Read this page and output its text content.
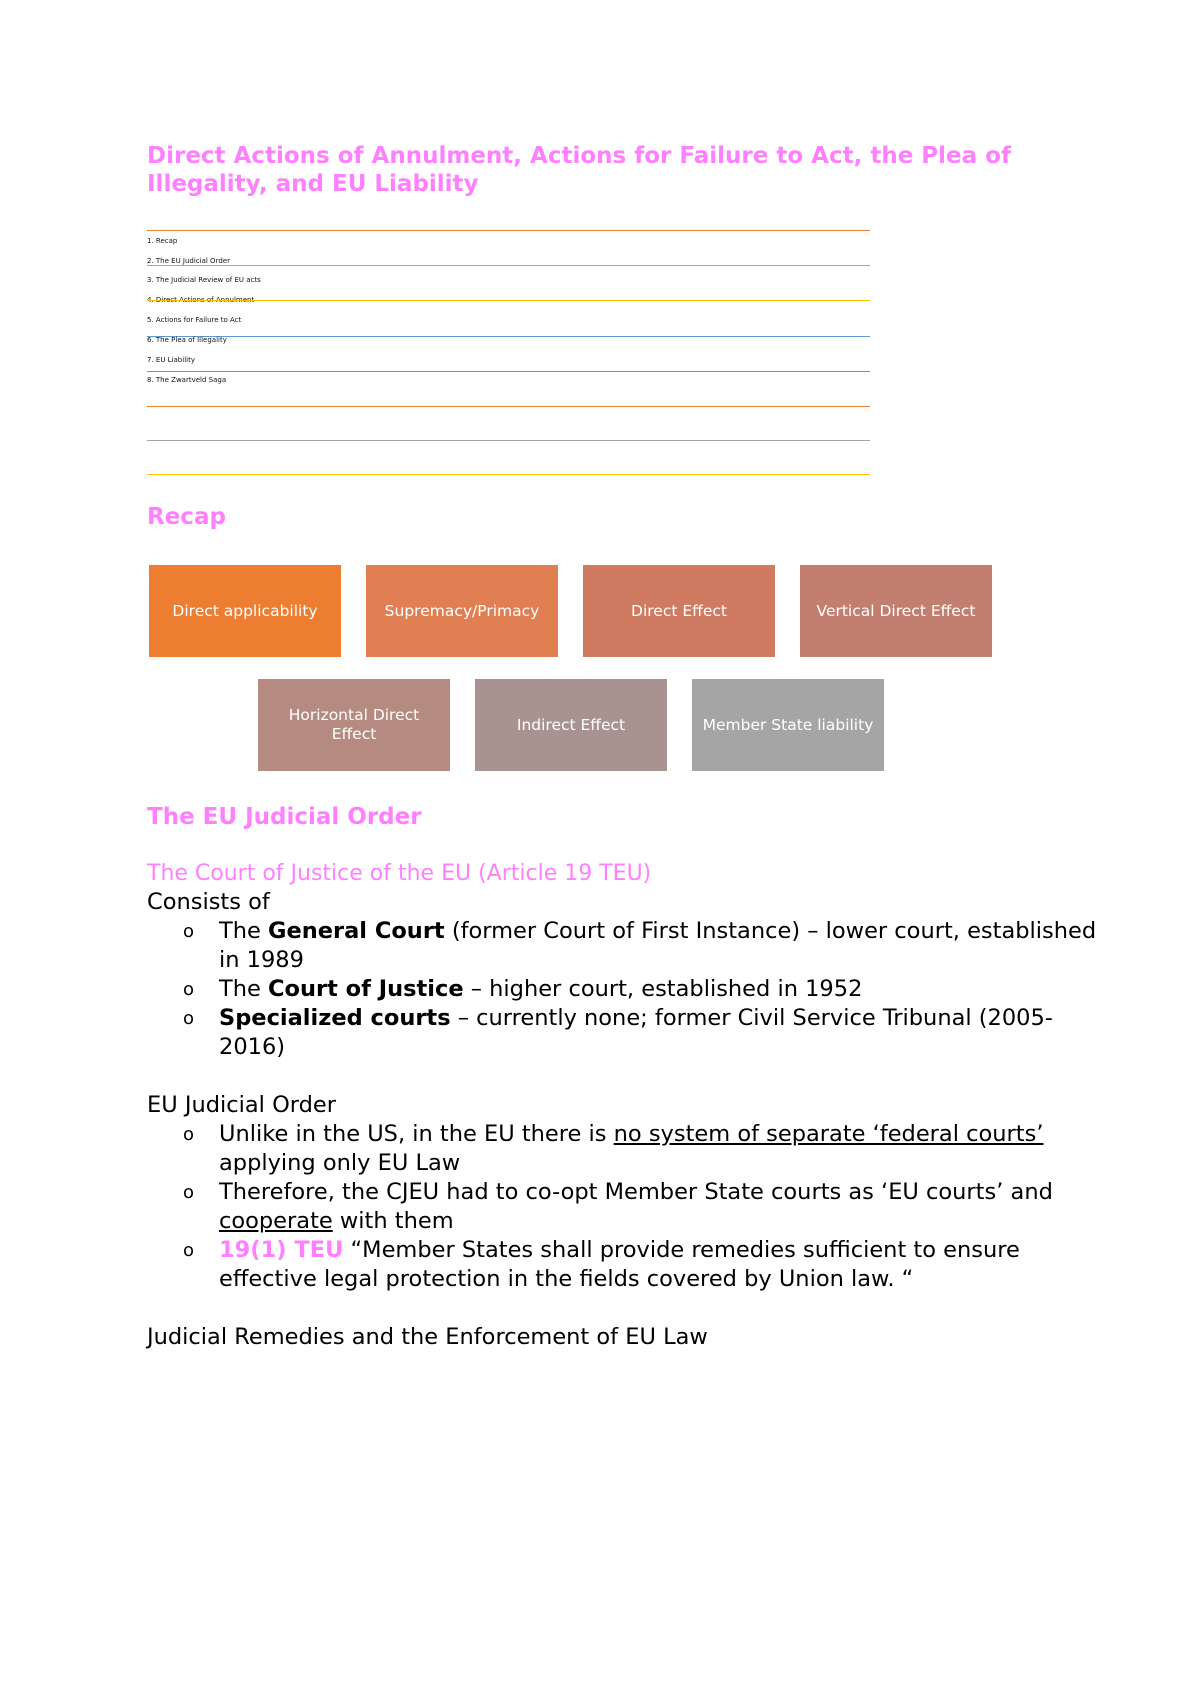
Direct Actions of Annulment, Actions for Failure to Act, the Plea of Illegality, and EU Liability
1. Recap
2. The EU Judicial Order
3. The Judicial Review of EU acts
4. Direct Actions of Annulment
5. Actions for Failure to Act
6. The Plea of Illegality
7. EU Liability
8. The Zwartveld Saga
Recap
Direct applicability	Supremacy/Primacy	Direct Effect	Vertical Direct Effect
Horizontal Direct Effect
Indirect Effect	Member State liability
The EU Judicial Order
The Court of Justice of the EU (Article 19 TEU)
Consists of
o The General Court (former Court of First Instance) – lower court, established in 1989
o The Court of Justice – higher court, established in 1952
o Specialized courts – currently none; former Civil Service Tribunal (2005-2016)
EU Judicial Order
o Unlike in the US, in the EU there is no system of separate ‘federal courts’ applying only EU Law
o Therefore, the CJEU had to co-opt Member State courts as ‘EU courts’ and cooperate with them
o 19(1) TEU “Member States shall provide remedies sufficient to ensure effective legal protection in the fields covered by Union law. “
Judicial Remedies and the Enforcement of EU Law
